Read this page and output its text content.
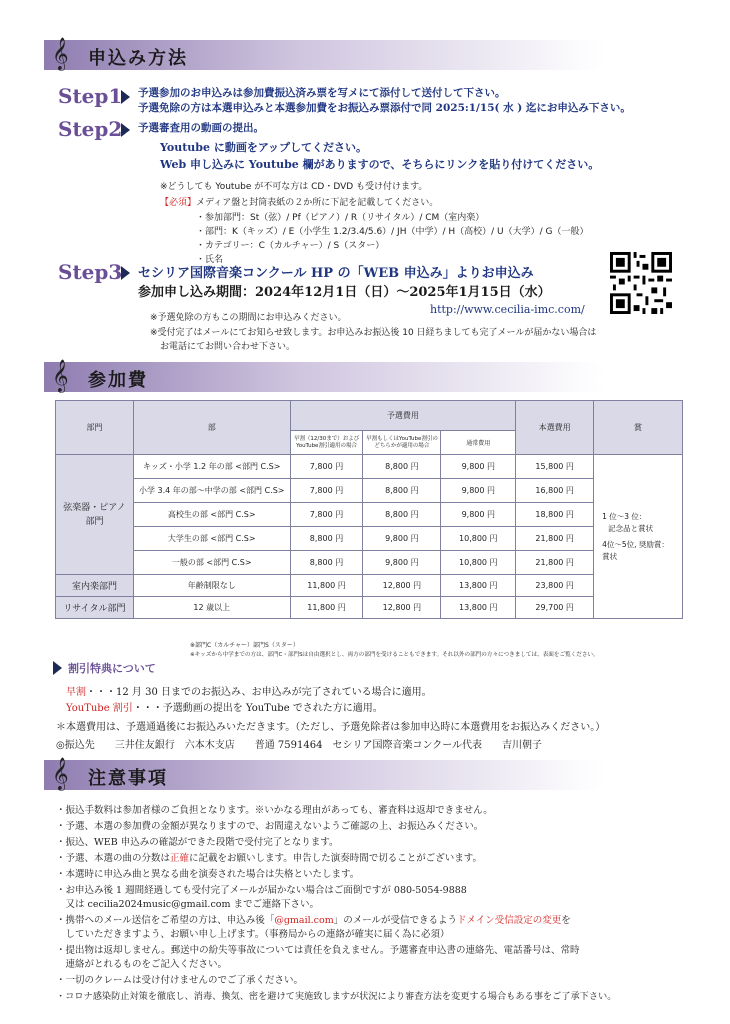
𝄞 申込み方法
Step1 予選参加のお申込みは参加費振込済み票を写メにて添付して送付して下さい。
予選免除の方は本選申込みと本選参加費をお振込み票添付で同 2025:1/15( 水 ) 迄にお申込み下さい。
Step2 予選審査用の動画の提出。
Youtube に動画をアップしてください。
Web 申し込みに Youtube 欄がありますので、そちらにリンクを貼り付けてください。
※どうしても Youtube が不可な方は CD・DVD も受け付けます。
【必須】メディア盤と封筒表紙の２か所に下記を記載してください。
・参加部門：St（弦）/ Pf（ピアノ）/ R（リサイタル）/ CM（室内楽）
・部門：K（キッズ）/ E（小学生 1.2/3.4/5.6）/ JH（中学）/ H（高校）/ U（大学）/ G（一般）
・カテゴリー：C（カルチャー）/ S（スター）
・氏名
Step3 セシリア国際音楽コンクール HP の「WEB 申込み」よりお申込み
参加申し込み期間：2024年12月1日（日）～2025年1月15日（水）
http://www.cecilia-imc.com/
※予選免除の方もこの期間にお申込みください。
※受付完了はメールにてお知らせ致します。お申込みお振込後 10 日経ちましても完了メールが届かない場合は
お電話にてお問い合わせ下さい。
𝄞 参加費
部門	部	予選費用			本選費用	賞
		早割（12/30まで）および YouTube割引適用の場合	早割もしくはYouTube割引のどちらかが適用の場合	通常費用		
弦楽器・ピアノ部門	キッズ・小学 1.2 年の部 <部門 C.S>	7,800 円	8,800 円	9,800 円	15,800 円	1 位～3 位：
記念品と賞状
4位～5位, 奨励賞：
賞状

	小学 3.4 年の部～中学の部 <部門 C.S>	7,800 円	8,800 円	9,800 円	16,800 円	
	高校生の部 <部門 C.S>	7,800 円	8,800 円	9,800 円	18,800 円	
	大学生の部 <部門 C.S>	8,800 円	9,800 円	10,800 円	21,800 円	
	一般の部 <部門 C.S>	8,800 円	9,800 円	10,800 円	21,800 円	
室内楽部門	年齢制限なし	11,800 円	12,800 円	13,800 円	23,800 円	
リサイタル部門	12 歳以上	11,800 円	12,800 円	13,800 円	29,700 円	
※部門C（カルチャー）部門S（スター）
※キッズから中学までの方は、部門C・部門Sは自由選択とし、両方の部門を受けることもできます。それ以外の部門の方々につきましては、表面をご覧ください。
割引特典について
早割・・・12 月 30 日までのお振込み、お申込みが完了されている場合に適用。
YouTube 割引・・・予選動画の提出を YouTube でされた方に適用。
＊本選費用は、予選通過後にお振込みいただきます。（ただし、予選免除者は参加申込時に本選費用をお振込みください。）
◎振込先　　三井住友銀行　六本木支店　　普通 7591464　セシリア国際音楽コンクール代表　　吉川朝子
𝄞 注意事項
・振込手数料は参加者様のご負担となります。※いかなる理由があっても、審査料は返却できません。
・予選、本選の参加費の金額が異なりますので、お間違えないようご確認の上、お振込みください。
・振込、WEB 申込みの確認ができた段階で受付完了となります。
・予選、本選の曲の分数は正確に記載をお願いします。申告した演奏時間で切ることがございます。
・本選時に申込み曲と異なる曲を演奏された場合は失格といたします。
・お申込み後 1 週間経過しても受付完了メールが届かない場合はご面倒ですが 080-5054-9888
　又は cecilia2024music@gmail.com までご連絡下さい。
・携帯へのメール送信をご希望の方は、申込み後「@gmail.com」のメールが受信できるようドメイン受信設定の変更を
　していただきますよう、お願い申し上げます。（事務局からの連絡が確実に届く為に必須）
・提出物は返却しません。郵送中の紛失等事故については責任を負えません。予選審査申込書の連絡先、電話番号は、常時
　連絡がとれるものをご記入ください。
・一切のクレームは受け付けませんのでご了承ください。
・コロナ感染防止対策を徹底し、消毒、換気、密を避けて実施致しますが状況により審査方法を変更する場合もある事をご了承下さい。
